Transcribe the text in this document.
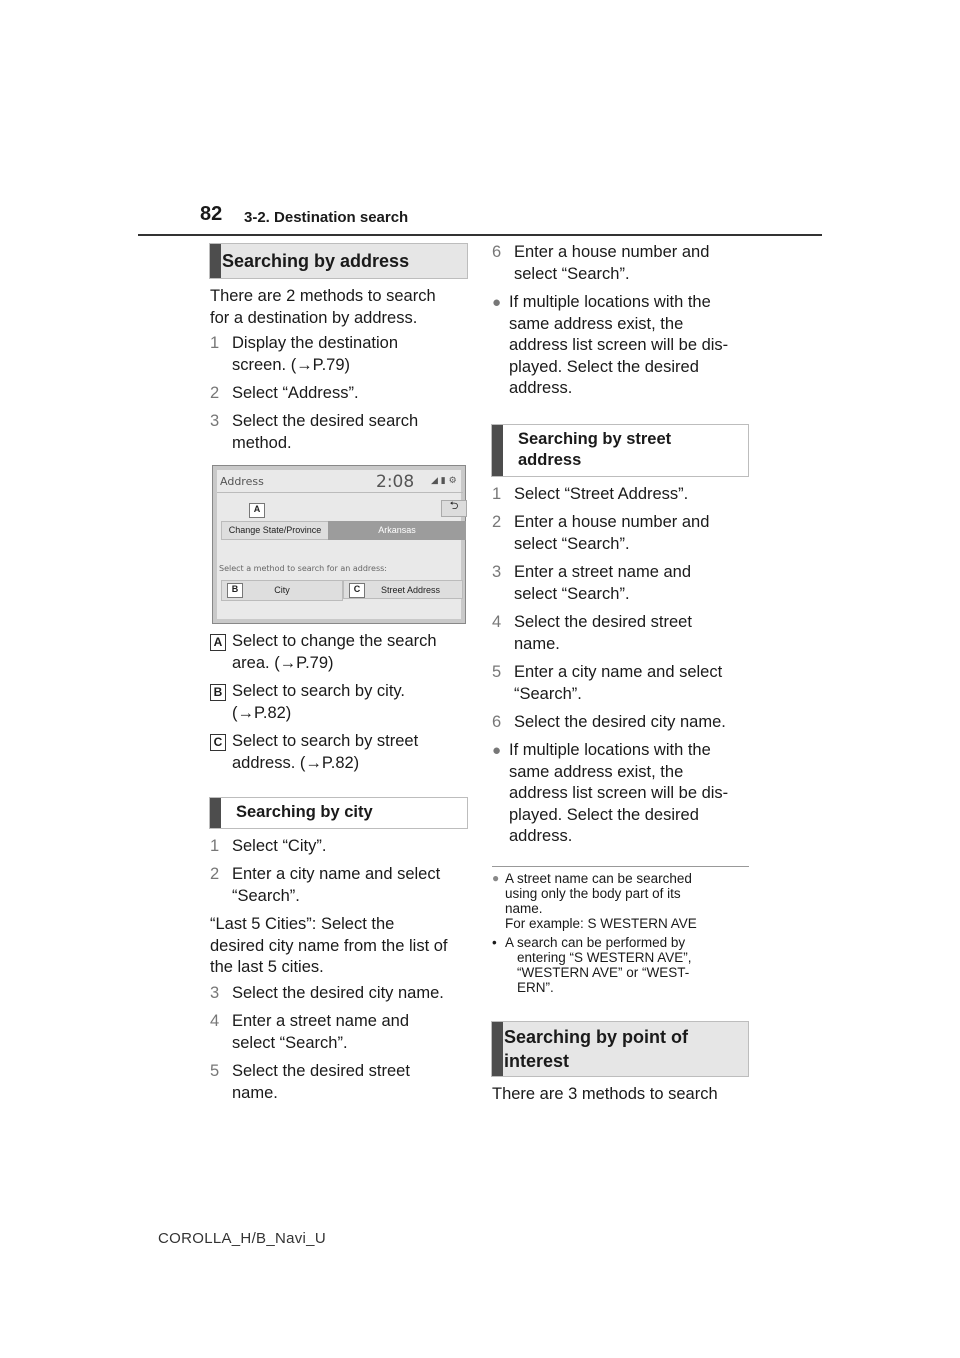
82 3-2. Destination search
Searching by address
There are 2 methods to search
for a destination by address.
1 Display the destination
screen. (→P.79)
2 Select “Address”.
3 Select the desired search
method.
Address	2:08 ◢ ▮ ⚙
⮌
A
Change State/Province	Arkansas
Select a method to search for an address:
City	Street Address
B	C
A Select to change the search
area. (→P.79)
B Select to search by city.
(→P.82)
C Select to search by street
address. (→P.82)
Searching by city
1 Select “City”.
2 Enter a city name and select
“Search”.
“Last 5 Cities”: Select the
desired city name from the list of
the last 5 cities.
3 Select the desired city name.
4 Enter a street name and
select “Search”.
5 Select the desired street
name.
6 Enter a house number and
select “Search”.
● If multiple locations with the
same address exist, the
address list screen will be dis-
played. Select the desired
address.
Searching by street
address
1 Select “Street Address”.
2 Enter a house number and
select “Search”.
3 Enter a street name and
select “Search”.
4 Select the desired street
name.
5 Enter a city name and select
“Search”.
6 Select the desired city name.
● If multiple locations with the
same address exist, the
address list screen will be dis-
played. Select the desired
address.
● A street name can be searched
using only the body part of its
name.
For example: S WESTERN AVE
• A search can be performed by
entering “S WESTERN AVE”,
“WESTERN AVE” or “WEST-
ERN”.
Searching by point of
interest
There are 3 methods to search
COROLLA_H/B_Navi_U
